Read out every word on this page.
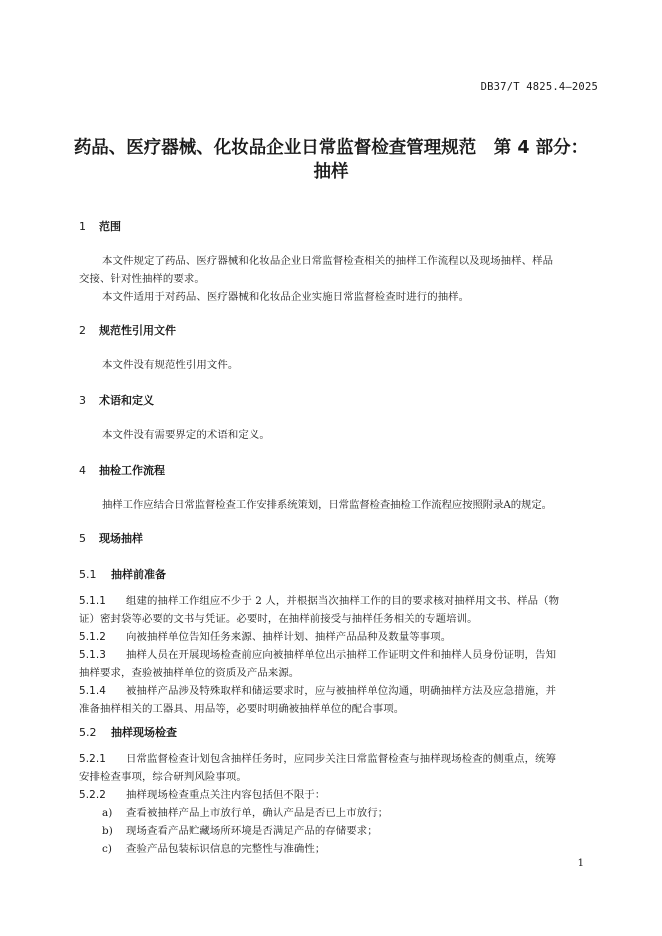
DB37/T 4825.4—2025
药品、医疗器械、化妆品企业日常监督检查管理规范　第 4 部分：
抽样
1 范围
本文件规定了药品、医疗器械和化妆品企业日常监督检查相关的抽样工作流程以及现场抽样、样品
交接、针对性抽样的要求。
本文件适用于对药品、医疗器械和化妆品企业实施日常监督检查时进行的抽样。
2 规范性引用文件
本文件没有规范性引用文件。
3 术语和定义
本文件没有需要界定的术语和定义。
4 抽检工作流程
抽样工作应结合日常监督检查工作安排系统策划，日常监督检查抽检工作流程应按照附录A的规定。
5 现场抽样
5.1 抽样前准备
5.1.1 组建的抽样工作组应不少于 2 人，并根据当次抽样工作的目的要求核对抽样用文书、样品（物
证）密封袋等必要的文书与凭证。必要时，在抽样前接受与抽样任务相关的专题培训。
5.1.2 向被抽样单位告知任务来源、抽样计划、抽样产品品种及数量等事项。
5.1.3 抽样人员在开展现场检查前应向被抽样单位出示抽样工作证明文件和抽样人员身份证明，告知
抽样要求，查验被抽样单位的资质及产品来源。
5.1.4 被抽样产品涉及特殊取样和储运要求时，应与被抽样单位沟通，明确抽样方法及应急措施，并
准备抽样相关的工器具、用品等，必要时明确被抽样单位的配合事项。
5.2 抽样现场检查
5.2.1 日常监督检查计划包含抽样任务时，应同步关注日常监督检查与抽样现场检查的侧重点，统筹
安排检查事项，综合研判风险事项。
5.2.2 抽样现场检查重点关注内容包括但不限于：
a) 查看被抽样产品上市放行单，确认产品是否已上市放行；
b) 现场查看产品贮藏场所环境是否满足产品的存储要求；
c) 查验产品包装标识信息的完整性与准确性；
1
